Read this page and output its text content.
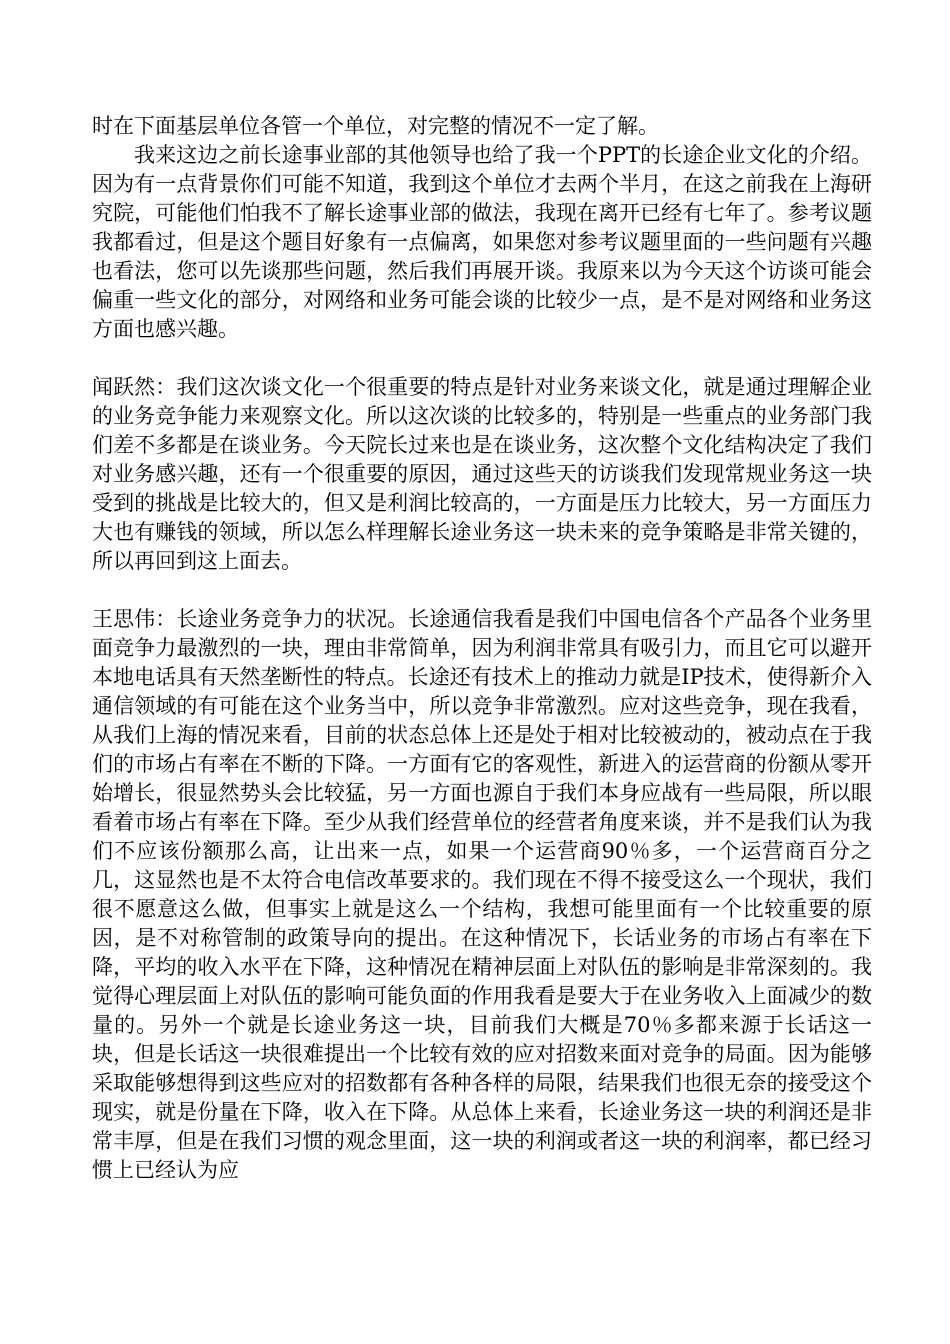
时在下面基层单位各管一个单位，对完整的情况不一定了解。

我来这边之前长途事业部的其他领导也给了我一个PPT的长途企业文化的介绍。因为有一点背景你们可能不知道，我到这个单位才去两个半月，在这之前我在上海研究院，可能他们怕我不了解长途事业部的做法，我现在离开已经有七年了。参考议题我都看过，但是这个题目好象有一点偏离，如果您对参考议题里面的一些问题有兴趣也看法，您可以先谈那些问题，然后我们再展开谈。我原来以为今天这个访谈可能会偏重一些文化的部分，对网络和业务可能会谈的比较少一点，是不是对网络和业务这方面也感兴趣。

闻跃然：我们这次谈文化一个很重要的特点是针对业务来谈文化，就是通过理解企业的业务竞争能力来观察文化。所以这次谈的比较多的，特别是一些重点的业务部门我们差不多都是在谈业务。今天院长过来也是在谈业务，这次整个文化结构决定了我们对业务感兴趣，还有一个很重要的原因，通过这些天的访谈我们发现常规业务这一块受到的挑战是比较大的，但又是利润比较高的，一方面是压力比较大，另一方面压力大也有赚钱的领域，所以怎么样理解长途业务这一块未来的竞争策略是非常关键的，所以再回到这上面去。

王思伟：长途业务竞争力的状况。长途通信我看是我们中国电信各个产品各个业务里面竞争力最激烈的一块，理由非常简单，因为利润非常具有吸引力，而且它可以避开本地电话具有天然垄断性的特点。长途还有技术上的推动力就是IP技术，使得新介入通信领域的有可能在这个业务当中，所以竞争非常激烈。应对这些竞争，现在我看，从我们上海的情况来看，目前的状态总体上还是处于相对比较被动的，被动点在于我们的市场占有率在不断的下降。一方面有它的客观性，新进入的运营商的份额从零开始增长，很显然势头会比较猛，另一方面也源自于我们本身应战有一些局限，所以眼看着市场占有率在下降。至少从我们经营单位的经营者角度来谈，并不是我们认为我们不应该份额那么高，让出来一点，如果一个运营商90％多，一个运营商百分之几，这显然也是不太符合电信改革要求的。我们现在不得不接受这么一个现状，我们很不愿意这么做，但事实上就是这么一个结构，我想可能里面有一个比较重要的原因，是不对称管制的政策导向的提出。在这种情况下，长话业务的市场占有率在下降，平均的收入水平在下降，这种情况在精神层面上对队伍的影响是非常深刻的。我觉得心理层面上对队伍的影响可能负面的作用我看是要大于在业务收入上面减少的数量的。另外一个就是长途业务这一块，目前我们大概是70％多都来源于长话这一块，但是长话这一块很难提出一个比较有效的应对招数来面对竞争的局面。因为能够采取能够想得到这些应对的招数都有各种各样的局限，结果我们也很无奈的接受这个现实，就是份量在下降，收入在下降。从总体上来看，长途业务这一块的利润还是非常丰厚，但是在我们习惯的观念里面，这一块的利润或者这一块的利润率，都已经习惯上已经认为应
